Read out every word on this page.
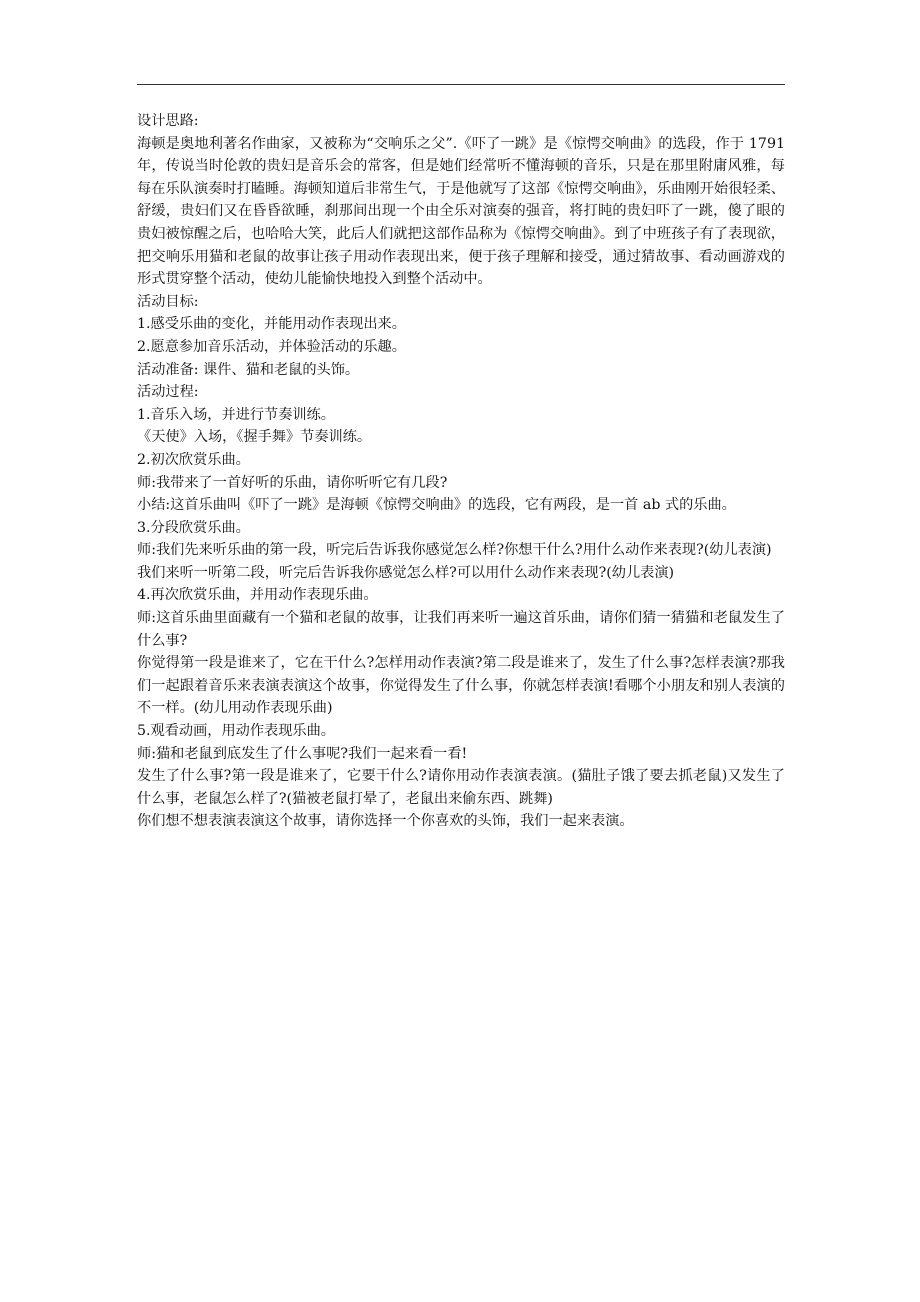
设计思路:
海顿是奥地利著名作曲家，又被称为“交响乐之父”.《吓了一跳》是《惊愕交响曲》的选段，作于 1791 年，传说当时伦敦的贵妇是音乐会的常客，但是她们经常听不懂海顿的音乐，只是在那里附庸风雅，每每在乐队演奏时打瞌睡。海顿知道后非常生气，于是他就写了这部《惊愕交响曲》，乐曲刚开始很轻柔、舒缓，贵妇们又在昏昏欲睡，刹那间出现一个由全乐对演奏的强音，将打盹的贵妇吓了一跳，傻了眼的贵妇被惊醒之后，也哈哈大笑，此后人们就把这部作品称为《惊愕交响曲》。到了中班孩子有了表现欲，把交响乐用猫和老鼠的故事让孩子用动作表现出来，便于孩子理解和接受，通过猜故事、看动画游戏的形式贯穿整个活动，使幼儿能愉快地投入到整个活动中。
活动目标:
1.感受乐曲的变化，并能用动作表现出来。
2.愿意参加音乐活动，并体验活动的乐趣。
活动准备: 课件、猫和老鼠的头饰。
活动过程:
1.音乐入场，并进行节奏训练。
《天使》入场，《握手舞》节奏训练。
2.初次欣赏乐曲。
师:我带来了一首好听的乐曲，请你听听它有几段?
小结:这首乐曲叫《吓了一跳》是海顿《惊愕交响曲》的选段，它有两段，是一首 ab 式的乐曲。
3.分段欣赏乐曲。
师:我们先来听乐曲的第一段，听完后告诉我你感觉怎么样?你想干什么?用什么动作来表现?(幼儿表演)
我们来听一听第二段，听完后告诉我你感觉怎么样?可以用什么动作来表现?(幼儿表演)
4.再次欣赏乐曲，并用动作表现乐曲。
师:这首乐曲里面藏有一个猫和老鼠的故事，让我们再来听一遍这首乐曲，请你们猜一猜猫和老鼠发生了什么事?
你觉得第一段是谁来了，它在干什么?怎样用动作表演?第二段是谁来了，发生了什么事?怎样表演?那我们一起跟着音乐来表演表演这个故事，你觉得发生了什么事，你就怎样表演!看哪个小朋友和别人表演的不一样。(幼儿用动作表现乐曲)
5.观看动画，用动作表现乐曲。
师:猫和老鼠到底发生了什么事呢?我们一起来看一看!
发生了什么事?第一段是谁来了，它要干什么?请你用动作表演表演。(猫肚子饿了要去抓老鼠)又发生了什么事，老鼠怎么样了?(猫被老鼠打晕了，老鼠出来偷东西、跳舞)
你们想不想表演表演这个故事，请你选择一个你喜欢的头饰，我们一起来表演。
